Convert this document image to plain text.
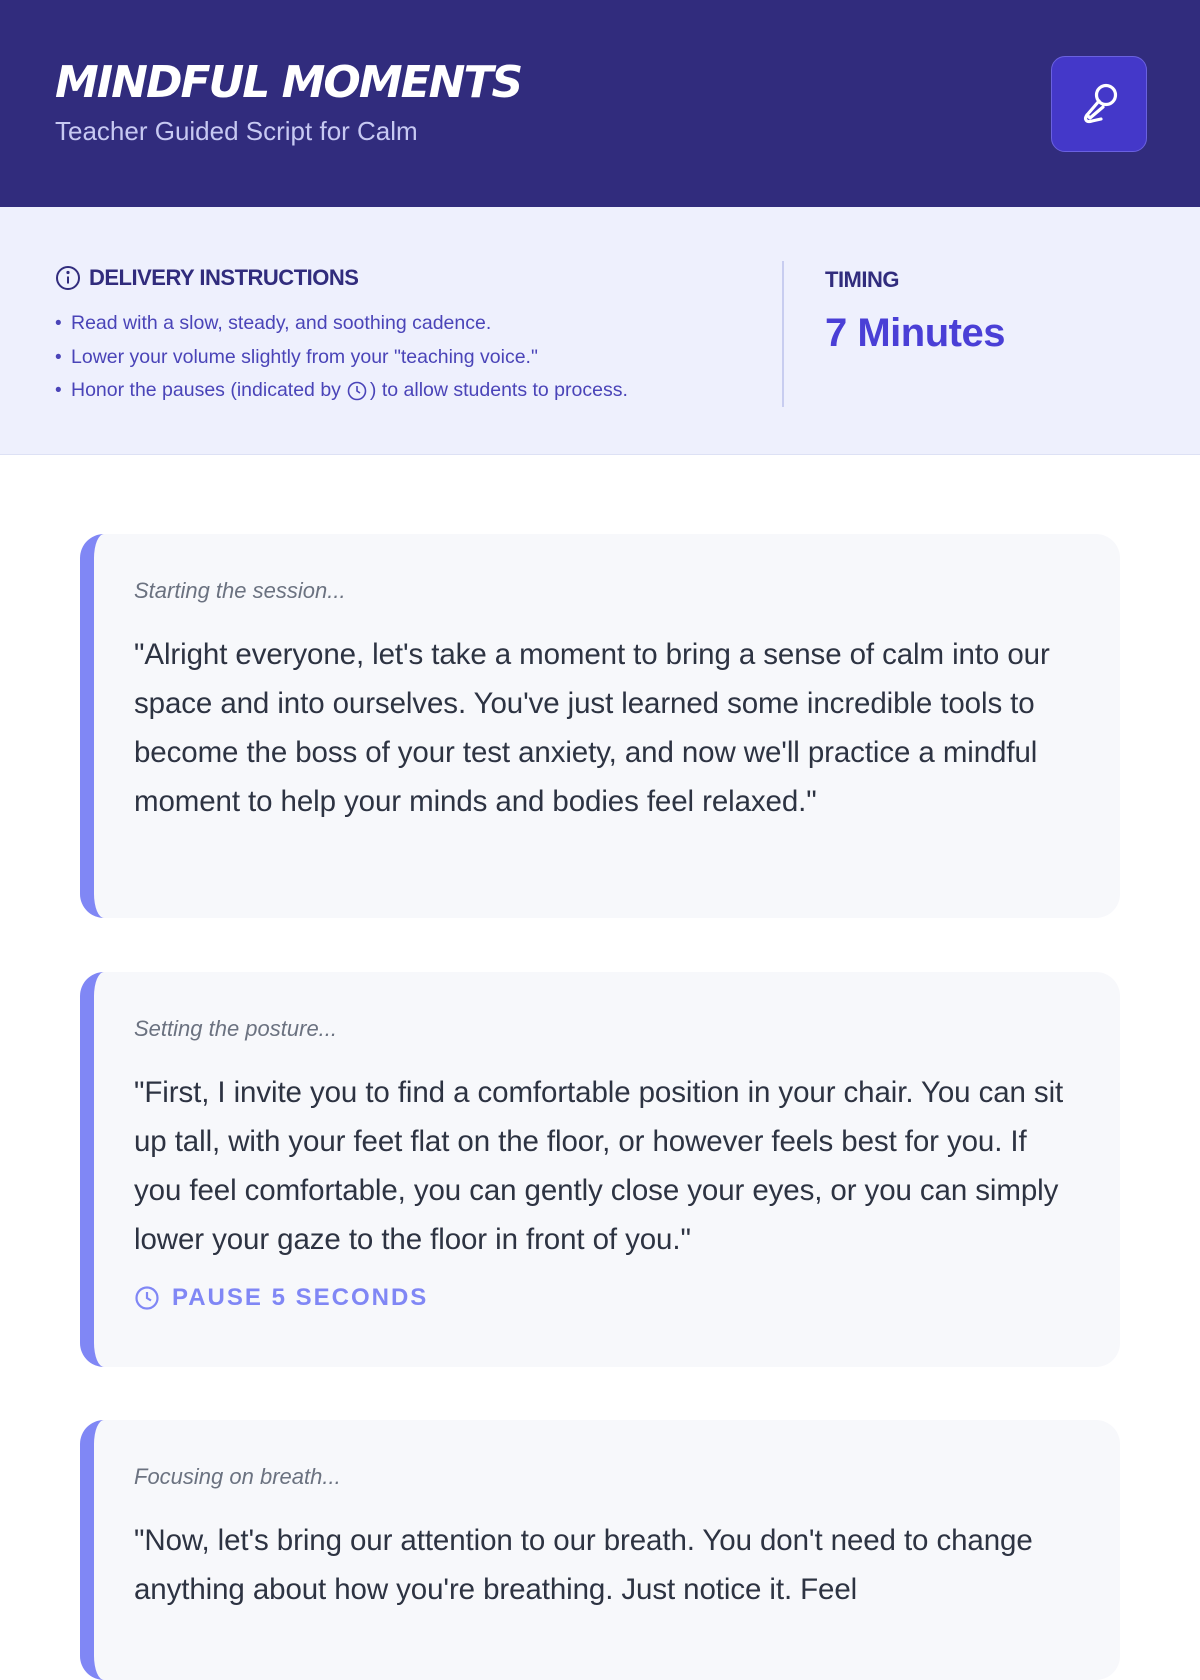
MINDFUL MOMENTS
Teacher Guided Script for Calm
DELIVERY INSTRUCTIONS
• Read with a slow, steady, and soothing cadence.
• Lower your volume slightly from your "teaching voice."
• Honor the pauses (indicated by ) to allow students to process.
TIMING
7 Minutes
Starting the session...
"Alright everyone, let's take a moment to bring a sense of calm into our space and into ourselves. You've just learned some incredible tools to become the boss of your test anxiety, and now we'll practice a mindful moment to help your minds and bodies feel relaxed."
Setting the posture...
"First, I invite you to find a comfortable position in your chair. You can sit up tall, with your feet flat on the floor, or however feels best for you. If you feel comfortable, you can gently close your eyes, or you can simply lower your gaze to the floor in front of you."
PAUSE 5 SECONDS
Focusing on breath...
"Now, let's bring our attention to our breath. You don't need to change anything about how you're breathing. Just notice it. Feel
